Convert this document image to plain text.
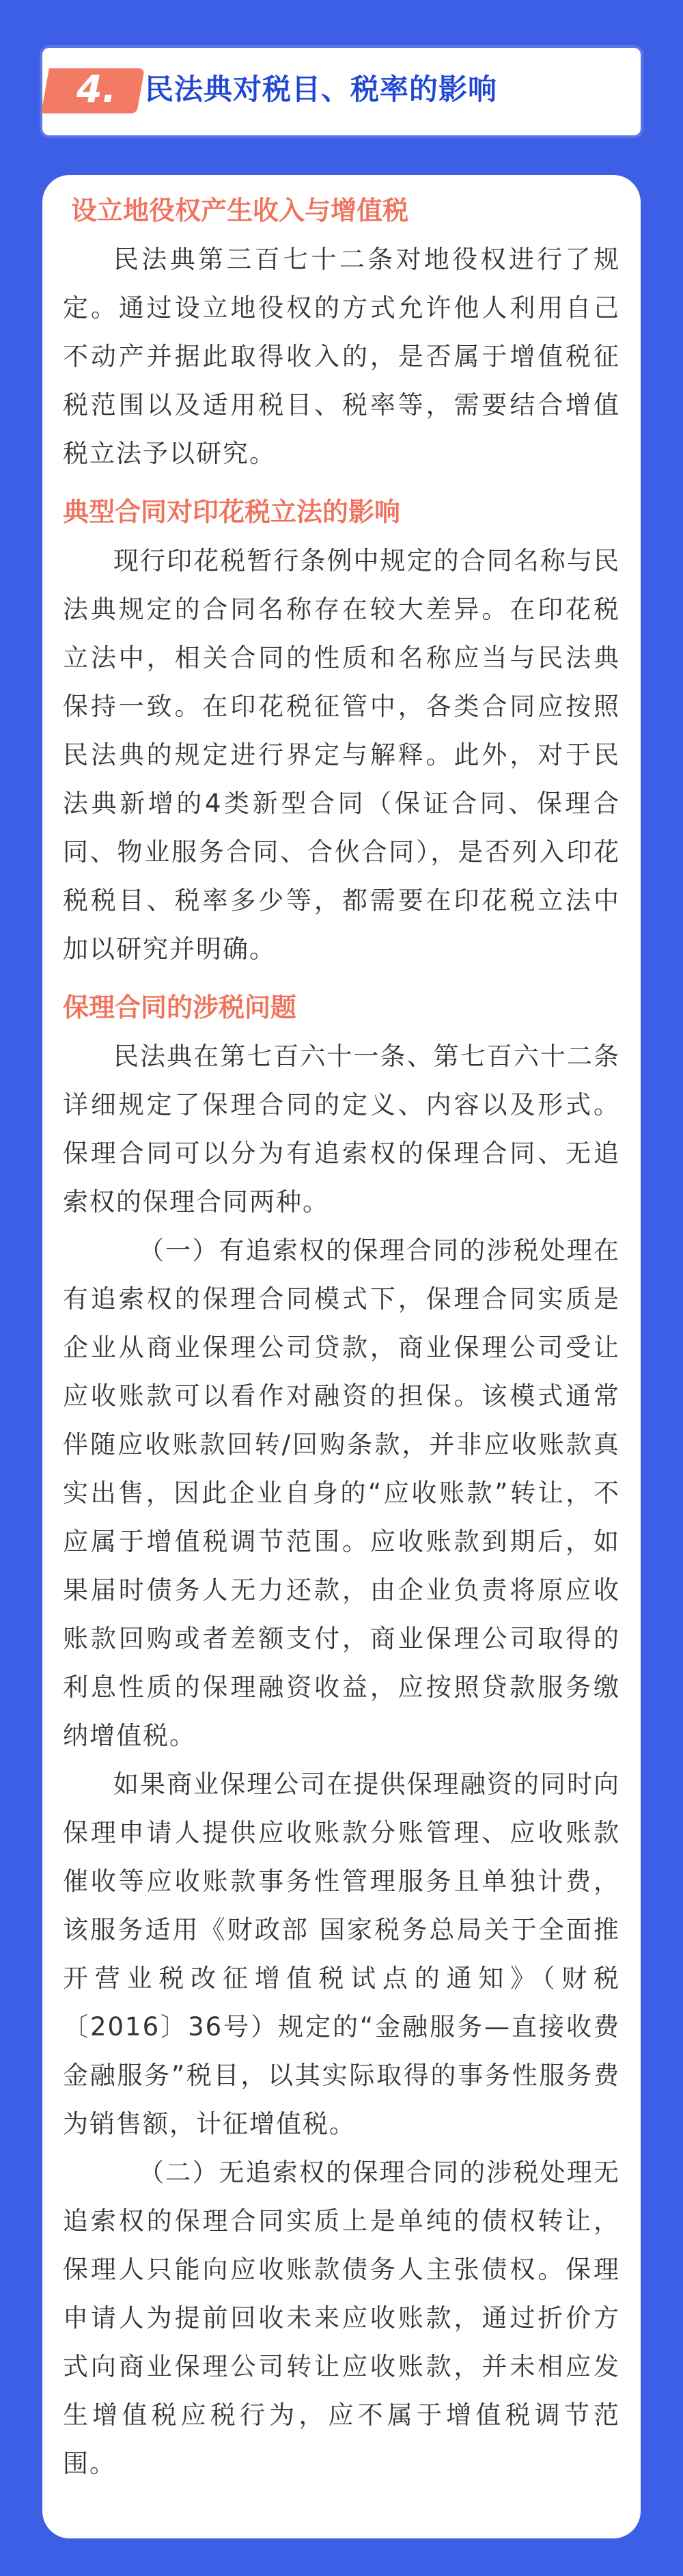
4. 民法典对税目、税率的影响
设立地役权产生收入与增值税

民法典第三百七十二条对地役权进行了规定。通过设立地役权的方式允许他人利用自己不动产并据此取得收入的，是否属于增值税征税范围以及适用税目、税率等，需要结合增值税立法予以研究。

典型合同对印花税立法的影响

现行印花税暂行条例中规定的合同名称与民法典规定的合同名称存在较大差异。在印花税立法中，相关合同的性质和名称应当与民法典保持一致。在印花税征管中，各类合同应按照民法典的规定进行界定与解释。此外，对于民法典新增的4类新型合同（保证合同、保理合同、物业服务合同、合伙合同），是否列入印花税税目、税率多少等，都需要在印花税立法中加以研究并明确。

保理合同的涉税问题

民法典在第七百六十一条、第七百六十二条详细规定了保理合同的定义、内容以及形式。保理合同可以分为有追索权的保理合同、无追索权的保理合同两种。

（一）有追索权的保理合同的涉税处理在有追索权的保理合同模式下，保理合同实质是企业从商业保理公司贷款，商业保理公司受让应收账款可以看作对融资的担保。该模式通常伴随应收账款回转/回购条款，并非应收账款真实出售，因此企业自身的“应收账款”转让，不应属于增值税调节范围。应收账款到期后，如果届时债务人无力还款，由企业负责将原应收账款回购或者差额支付，商业保理公司取得的利息性质的保理融资收益，应按照贷款服务缴纳增值税。

如果商业保理公司在提供保理融资的同时向保理申请人提供应收账款分账管理、应收账款催收等应收账款事务性管理服务且单独计费，该服务适用《财政部 国家税务总局关于全面推开营业税改征增值税试点的通知》（财税〔2016〕36号）规定的“金融服务—直接收费金融服务”税目，以其实际取得的事务性服务费为销售额，计征增值税。

（二）无追索权的保理合同的涉税处理无追索权的保理合同实质上是单纯的债权转让，保理人只能向应收账款债务人主张债权。保理申请人为提前回收未来应收账款，通过折价方式向商业保理公司转让应收账款，并未相应发生增值税应税行为，应不属于增值税调节范围。
